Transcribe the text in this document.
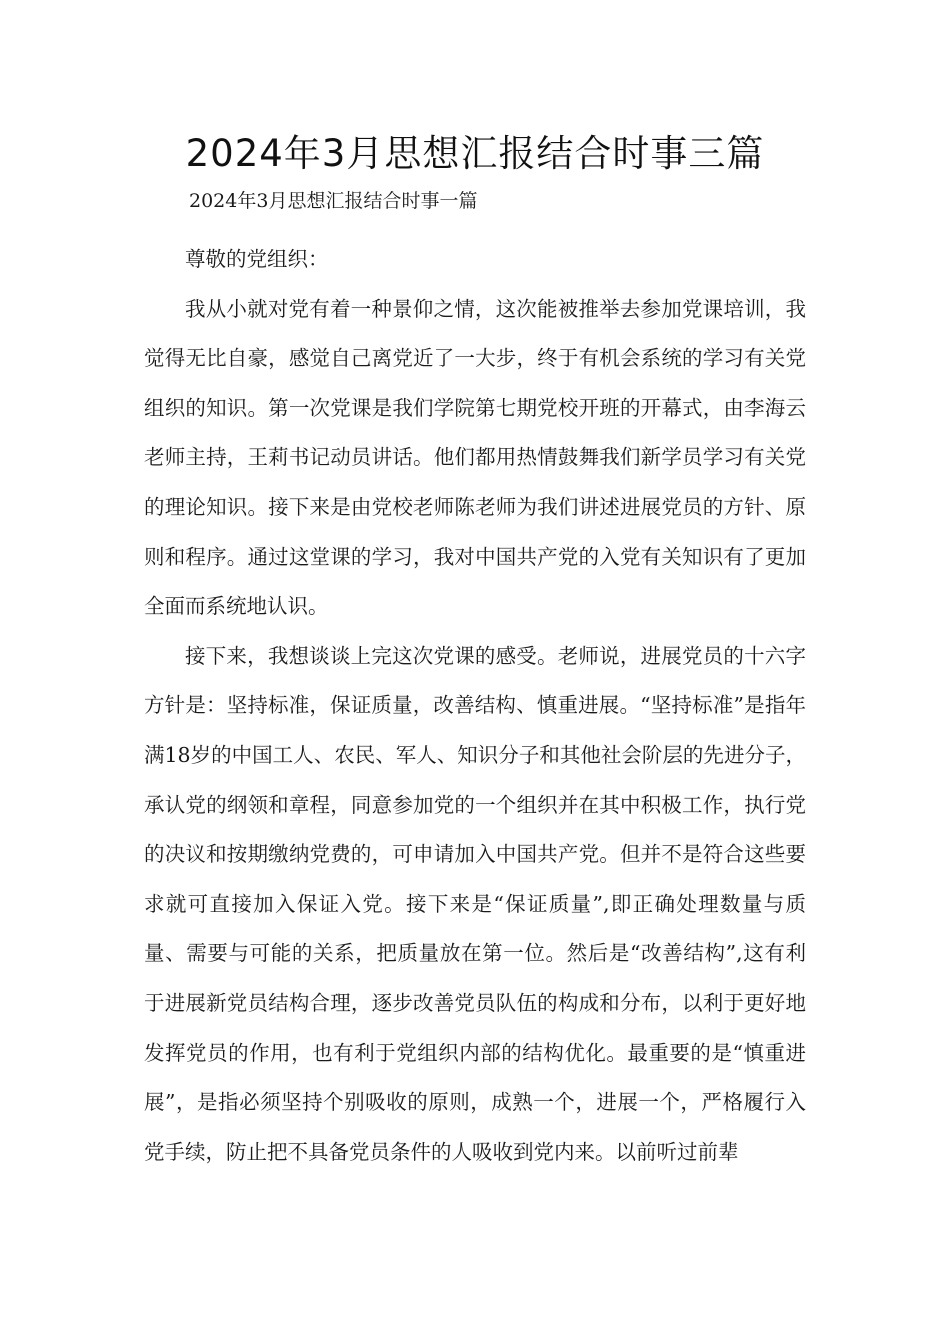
2024年3月思想汇报结合时事三篇

2024年3月思想汇报结合时事一篇

尊敬的党组织：

我从小就对党有着一种景仰之情，这次能被推举去参加党课培训，我觉得无比自豪，感觉自己离党近了一大步，终于有机会系统的学习有关党组织的知识。第一次党课是我们学院第七期党校开班的开幕式，由李海云老师主持，王莉书记动员讲话。他们都用热情鼓舞我们新学员学习有关党的理论知识。接下来是由党校老师陈老师为我们讲述进展党员的方针、原则和程序。通过这堂课的学习，我对中国共产党的入党有关知识有了更加全面而系统地认识。

接下来，我想谈谈上完这次党课的感受。老师说，进展党员的十六字方针是：坚持标准，保证质量，改善结构、慎重进展。“坚持标准”是指年满18岁的中国工人、农民、军人、知识分子和其他社会阶层的先进分子，承认党的纲领和章程，同意参加党的一个组织并在其中积极工作，执行党的决议和按期缴纳党费的，可申请加入中国共产党。但并不是符合这些要求就可直接加入保证入党。接下来是“保证质量”,即正确处理数量与质量、需要与可能的关系，把质量放在第一位。然后是“改善结构”,这有利于进展新党员结构合理，逐步改善党员队伍的构成和分布，以利于更好地发挥党员的作用，也有利于党组织内部的结构优化。最重要的是“慎重进展”，是指必须坚持个别吸收的原则，成熟一个，进展一个，严格履行入党手续，防止把不具备党员条件的人吸收到党内来。以前听过前辈
